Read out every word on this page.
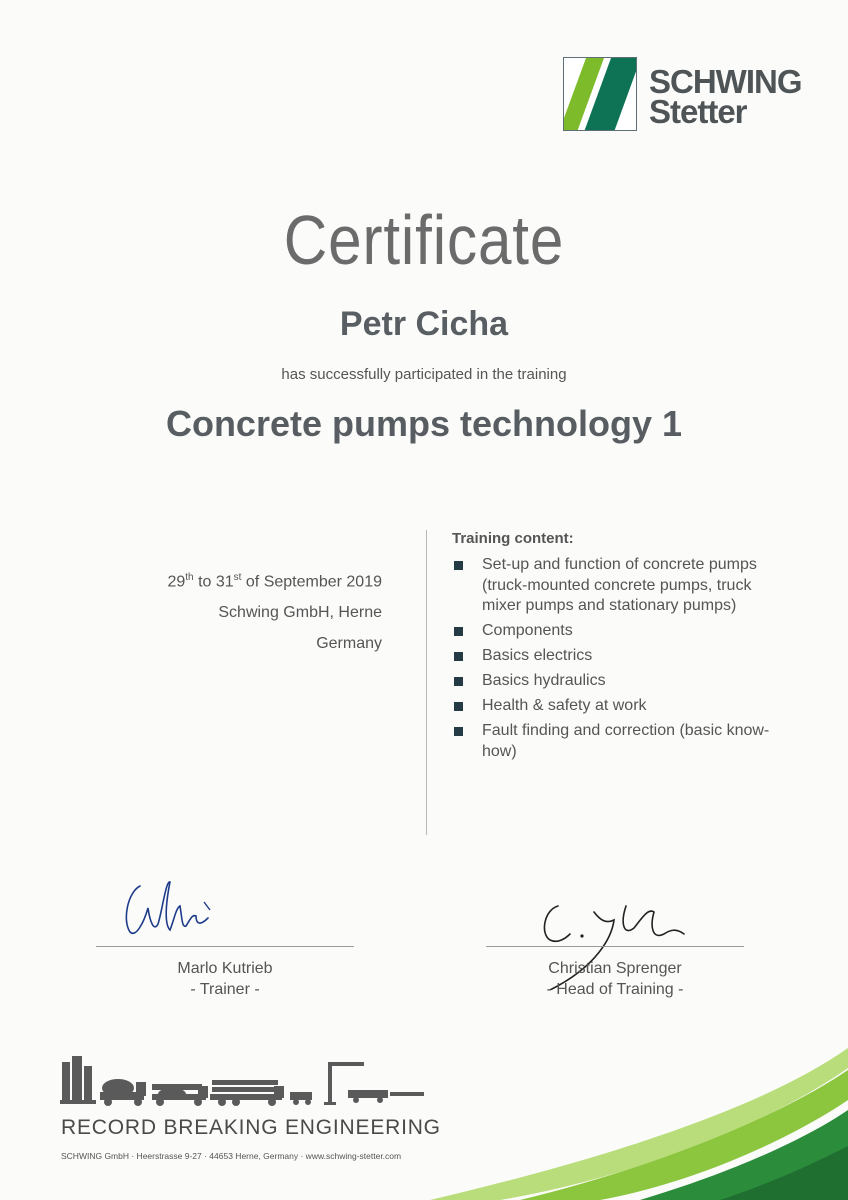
SCHWING
Stetter
Certificate
Petr Cicha
has successfully participated in the training
Concrete pumps technology 1
29th to 31st of September 2019
Schwing GmbH, Herne
Germany
Training content:
Set-up and function of concrete pumps (truck-mounted concrete pumps, truck mixer pumps and stationary pumps)
Components
Basics electrics
Basics hydraulics
Health & safety at work
Fault finding and correction (basic know-how)
Marlo Kutrieb
- Trainer -
Christian Sprenger
- Head of Training -
RECORD BREAKING ENGINEERING
SCHWING GmbH · Heerstrasse 9-27 · 44653 Herne, Germany · www.schwing-stetter.com
